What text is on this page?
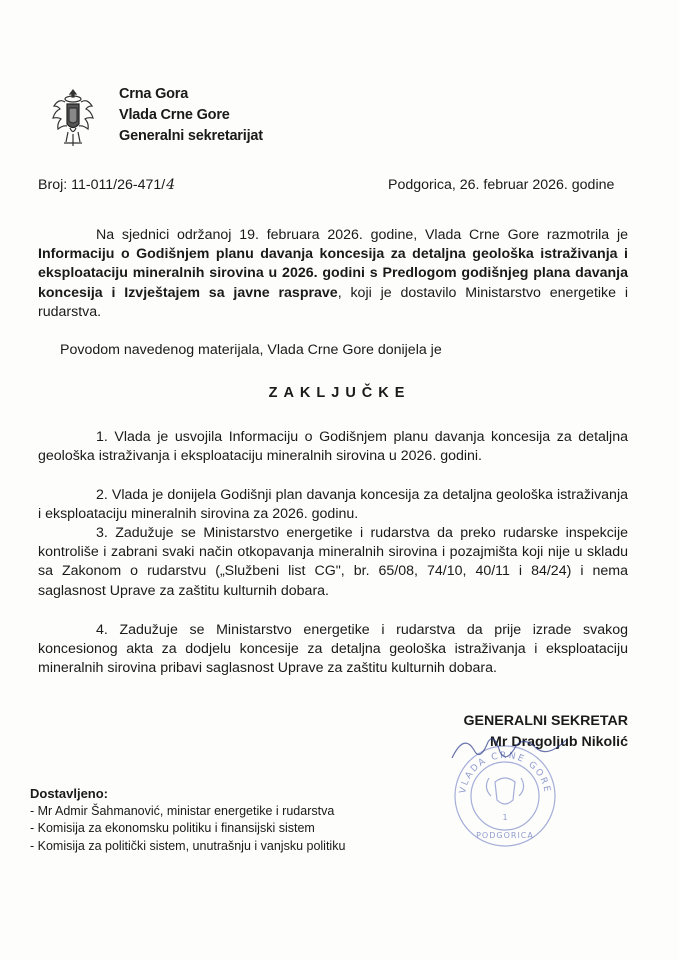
Crna Gora
Vlada Crne Gore
Generalni sekretarijat
Broj: 11-011/26-471/4	Podgorica, 26. februar 2026. godine
Na sjednici održanoj 19. februara 2026. godine, Vlada Crne Gore razmotrila je Informaciju o Godišnjem planu davanja koncesija za detaljna geološka istraživanja i eksploataciju mineralnih sirovina u 2026. godini s Predlogom godišnjeg plana davanja koncesija i Izvještajem sa javne rasprave, koji je dostavilo Ministarstvo energetike i rudarstva.
Povodom navedenog materijala, Vlada Crne Gore donijela je
ZAKLJUČKE
1. Vlada je usvojila Informaciju o Godišnjem planu davanja koncesija za detaljna geološka istraživanja i eksploataciju mineralnih sirovina u 2026. godini.
2. Vlada je donijela Godišnji plan davanja koncesija za detaljna geološka istraživanja i eksploataciju mineralnih sirovina za 2026. godinu.
3. Zadužuje se Ministarstvo energetike i rudarstva da preko rudarske inspekcije kontroliše i zabrani svaki način otkopavanja mineralnih sirovina i pozajmišta koji nije u skladu sa Zakonom o rudarstvu („Službeni list CG", br. 65/08, 74/10, 40/11 i 84/24) i nema saglasnost Uprave za zaštitu kulturnih dobara.
4. Zadužuje se Ministarstvo energetike i rudarstva da prije izrade svakog koncesionog akta za dodjelu koncesije za detaljna geološka istraživanja i eksploataciju mineralnih sirovina pribavi saglasnost Uprave za zaštitu kulturnih dobara.
VLADA CRNE GORE
1
PODGORICA
GENERALNI SEKRETAR
Mr Dragoljub Nikolić
Dostavljeno:
- Mr Admir Šahmanović, ministar energetike i rudarstva
- Komisija za ekonomsku politiku i finansijski sistem
- Komisija za politički sistem, unutrašnju i vanjsku politiku
